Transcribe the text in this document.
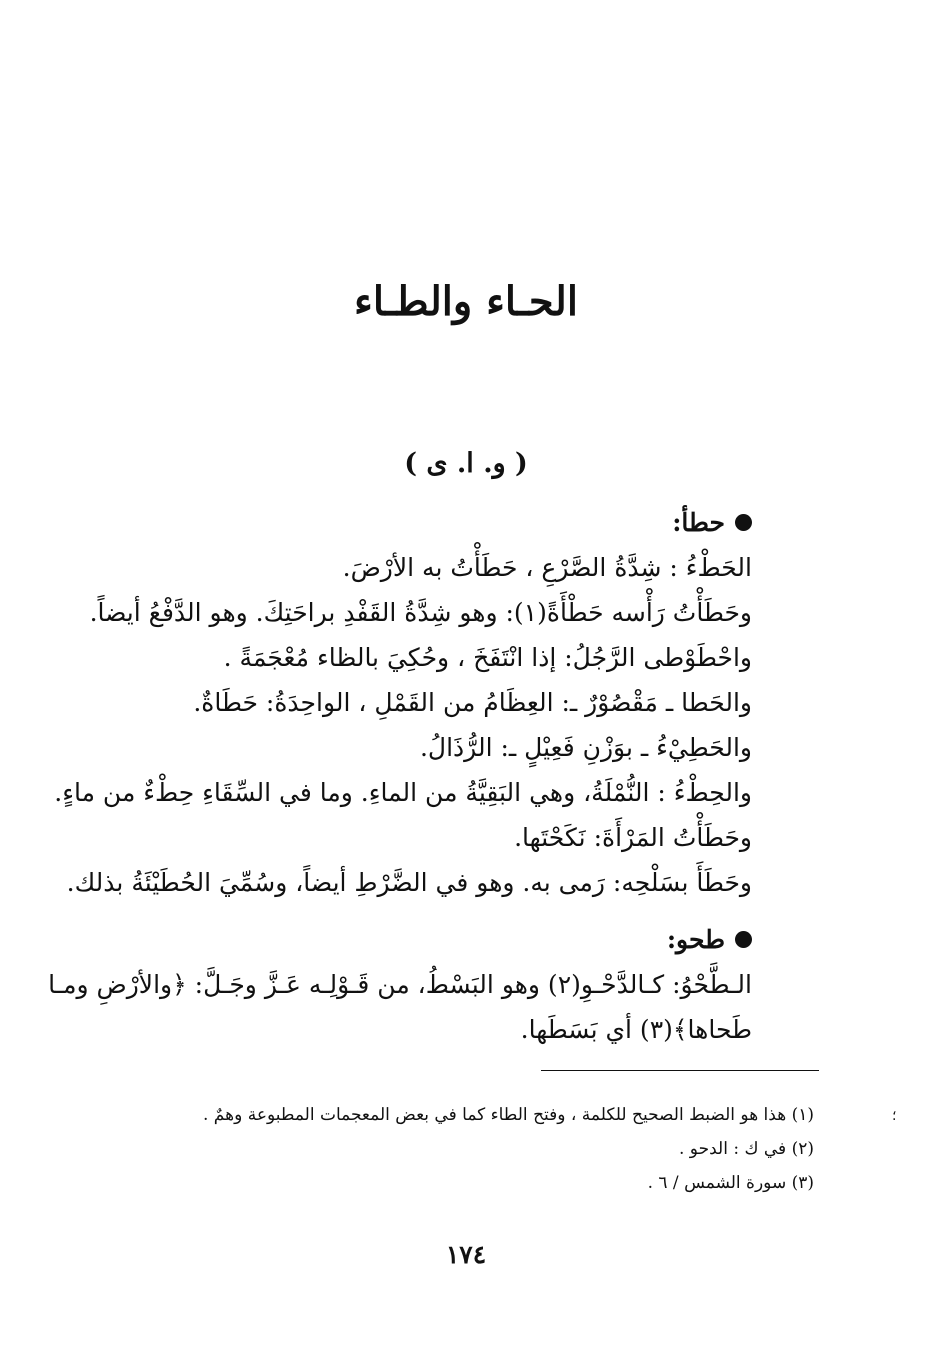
الحـاء والطـاء
( و. ا. ى )

حطأ:

الحَطْءُ : شِدَّةُ الصَّرْعِ ، حَطَأْتُ به الأرْضَ.

وحَطَأْتُ رَأْسه حَطْأَةً(١): وهو شِدَّةُ القَفْدِ براحَتِكَ. وهو الدَّفْعُ أيضاً.

واحْطَوْطى الرَّجُلُ: إذا انْتَفَخَ ، وحُكِيَ بالظاء مُعْجَمَةً .

والحَطا ـ مَقْصُوْرٌ ـ: العِظَامُ من القَمْلِ ، الواحِدَةُ: حَطَاةٌ.

والحَطِيْءُ ـ بوَزْنِ فَعِيْلٍ ـ: الرُّذَالُ.

والحِطْءُ : النُّمْلَةُ، وهي البَقِيَّةُ من الماءِ. وما في السِّقَاءِ حِطْءٌ من ماءٍ.

وحَطَأْتُ المَرْأَةَ: نَكَحْتَها.

وحَطَأَ بسَلْحِه: رَمى به. وهو في الضَّرْطِ أيضاً، وسُمِّيَ الحُطَيْئَةُ بذلك.

طحو:

الـطَّحْوُ: كـالدَّحْـوِ(٢) وهو البَسْطُ، من قَـوْلِـه عَـزَّ وجَـلَّ: ﴿والأرْضِ ومـا

طَحاها﴾(٣) أي بَسَطَها.

(١) هذا هو الضبط الصحيح للكلمة ، وفتح الطاء كما في بعض المعجمات المطبوعة وهمٌ .

(٢) في ك : الدحو .

(٣) سورة الشمس / ٦ .

؛

١٧٤
